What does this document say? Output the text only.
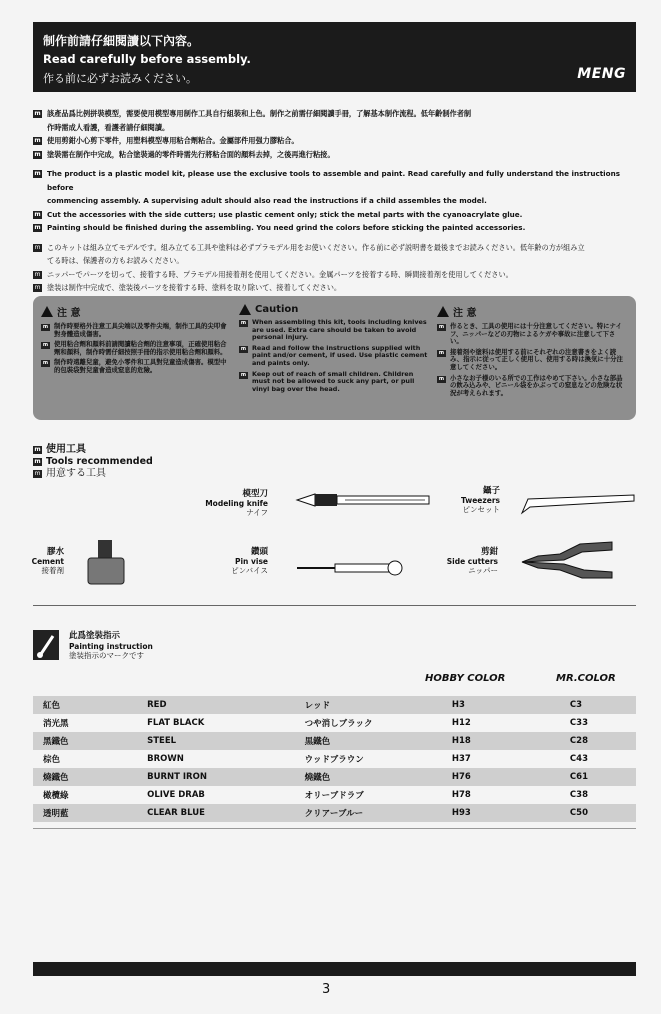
制作前請仔細閱讀以下內容。
Read carefully before assembly.
作る前に必ずお読みください。	MENG
m 該產品爲比例拼裝模型，需要使用模型專用制作工具自行組裝和上色。制作之前需仔細閱讀手冊，了解基本制作流程。低年齡制作者制
作時需成人看護，看護者請仔細閱讀。
m 使用剪鉗小心剪下零件，用塑料模型專用粘合劑粘合。金屬部件用强力膠粘合。
m 塗裝需在制作中完成，粘合塗裝過的零件時需先行將粘合面的顏料去掉，之後再進行粘接。
m The product is a plastic model kit, please use the exclusive tools to assemble and paint. Read carefully and fully understand the instructions before
commencing assembly. A supervising adult should also read the instructions if a child assembles the model.
m Cut the accessories with the side cutters; use plastic cement only; stick the metal parts with the cyanoacrylate glue.
m Painting should be finished during the assembling. You need grind the colors before sticking the painted accessories.
m このキットは組み立てモデルです。組み立てる工具や塗料は必ずプラモデル用をお使いください。作る前に必ず説明書を最後までお読みください。低年齢の方が組み立
てる時は、保護者の方もお読みください。
m ニッパーでパーツを切って、接着する時、プラモデル用接着剤を使用してください。金属パーツを接着する時、瞬間接着剤を使用してください。
m 塗装は制作中完成で、塗装後パーツを接着する時、塗料を取り除いて、接着してください。
注 意
m 制作時要格外注意工具尖端以及零件尖端，制作工具的尖叩會對身體造成傷害。
m 使用粘合劑和顏料前請閱讀粘合劑的注意事項，正確使用粘合劑和顏料，制作時需仔細按照手冊的指示使用粘合劑和顏料。
m 制作時遠離兒童，避免小零件和工具對兒童造成傷害。模型中的包裝袋對兒童會造成窒息的危險。
Caution
m When assembling this kit, tools including knives are used. Extra care should be taken to avoid personal injury.
m Read and follow the instructions supplied with paint and/or cement, if used. Use plastic cement and paints only.
m Keep out of reach of small children. Children must not be allowed to suck any part, or pull vinyl bag over the head.
注 意
m 作るとき、工具の使用には十分注意してください。特にナイフ、ニッパーなどの刃物によるケガや事故に注意して下さい。
m 接着剤や塗料は使用する前にそれぞれの注意書きをよく読み、指示に従って正しく使用し、使用する時は換気に十分注意してください。
m 小さなお子様のいる所での工作はやめて下さい。小さな部品の飲み込みや、ビニール袋をかぶっての窒息などの危険な状況が考えられます。
m 使用工具
m Tools recommended
m 用意する工具
模型刀
Modeling knife
ナイフ
鑷子
Tweezers
ピンセット
膠水
Cement
接着剤
鑽頭
Pin vise
ピンバイス
剪鉗
Side cutters
ニッパー
此爲塗裝指示
Painting instruction
塗装指示のマークです
HOBBY COLOR	MR.COLOR
紅色	RED	レッド	H3	C3
消光黑	FLAT BLACK	つや消しブラック	H12	C33
黑鐵色	STEEL	黒鐵色	H18	C28
棕色	BROWN	ウッドブラウン	H37	C43
燒鐵色	BURNT IRON	燒鐵色	H76	C61
橄欖綠	OLIVE DRAB	オリーブドラブ	H78	C38
透明藍	CLEAR BLUE	クリアーブルー	H93	C50
3
